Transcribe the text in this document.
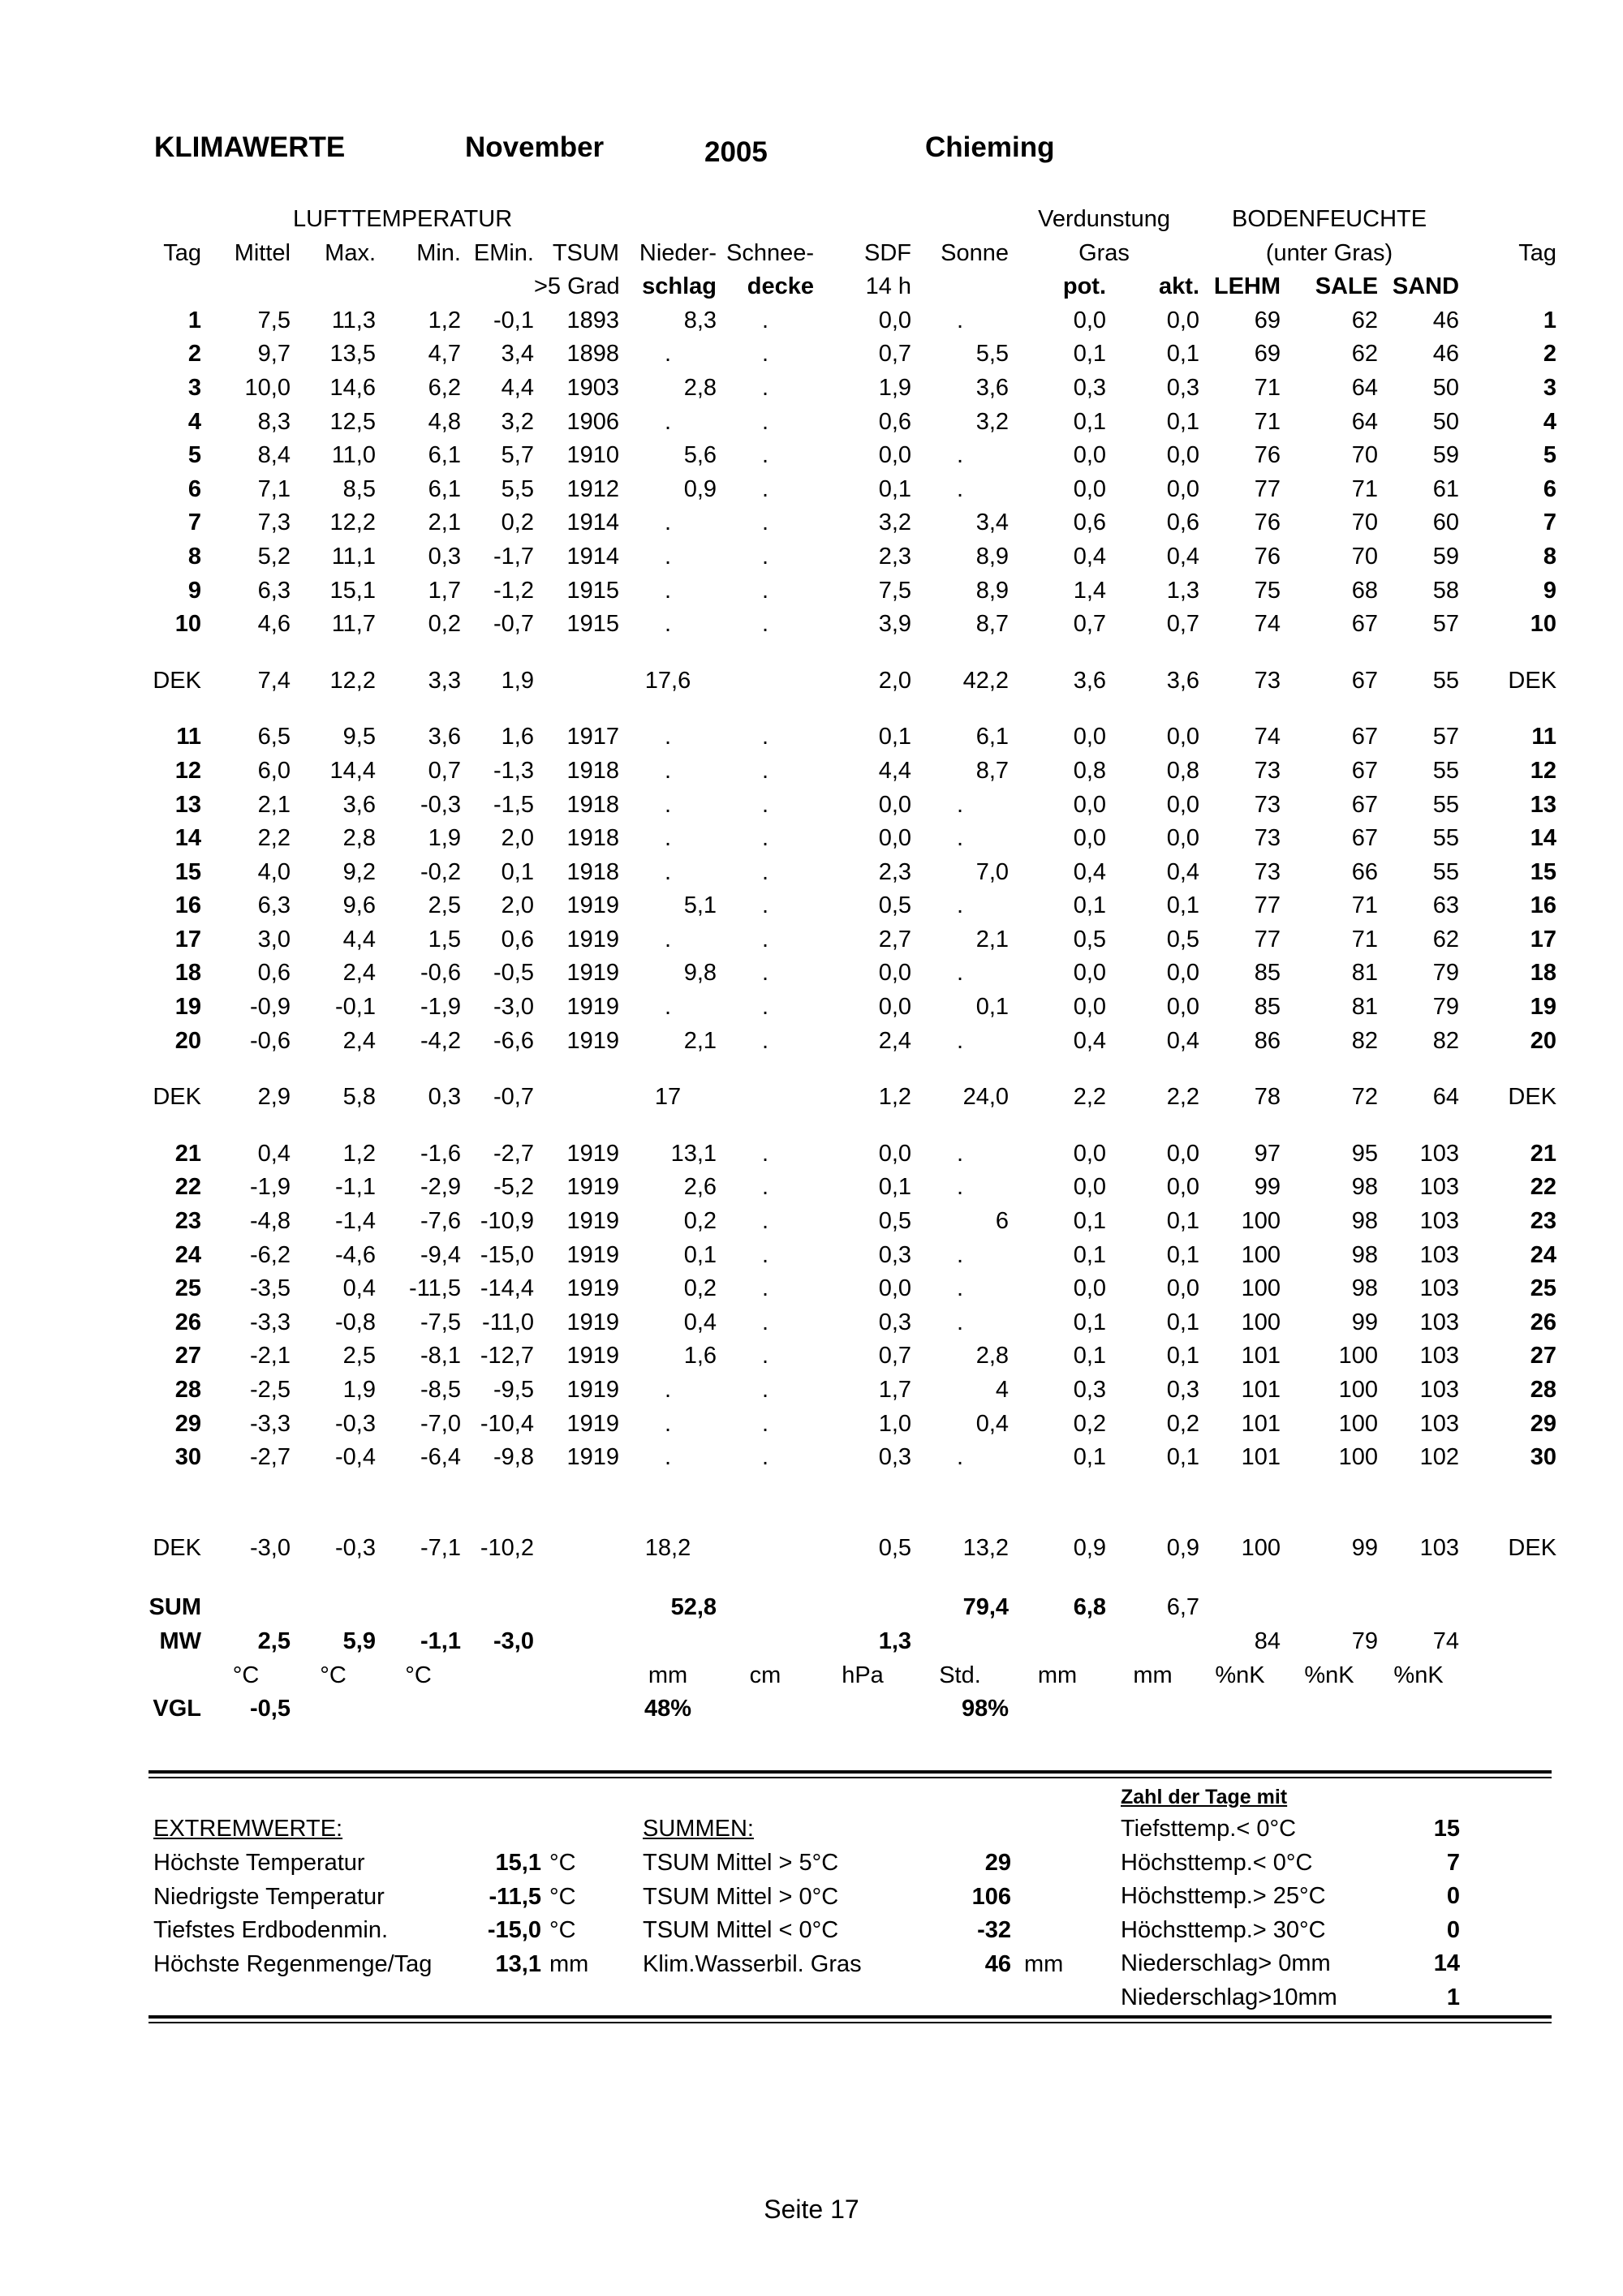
KLIMAWERTE	November	2005	Chieming
		LUFTTEMPERATUR								Verdunstung		BODENFEUCHTE			
Tag	Mittel	Max.	Min.	EMin.	TSUM	Nieder-	Schnee-	SDF	Sonne	Gras		(unter Gras)			Tag
					>5 Grad	schlag	decke	14 h		pot.	akt.	LEHM	SALE	SAND	
1	7,5	11,3	1,2	-0,1	1893	8,3	.	0,0	.	0,0	0,0	69	62	46	1
2	9,7	13,5	4,7	3,4	1898	.	.	0,7	5,5	0,1	0,1	69	62	46	2
3	10,0	14,6	6,2	4,4	1903	2,8	.	1,9	3,6	0,3	0,3	71	64	50	3
4	8,3	12,5	4,8	3,2	1906	.	.	0,6	3,2	0,1	0,1	71	64	50	4
5	8,4	11,0	6,1	5,7	1910	5,6	.	0,0	.	0,0	0,0	76	70	59	5
6	7,1	8,5	6,1	5,5	1912	0,9	.	0,1	.	0,0	0,0	77	71	61	6
7	7,3	12,2	2,1	0,2	1914	.	.	3,2	3,4	0,6	0,6	76	70	60	7
8	5,2	11,1	0,3	-1,7	1914	.	.	2,3	8,9	0,4	0,4	76	70	59	8
9	6,3	15,1	1,7	-1,2	1915	.	.	7,5	8,9	1,4	1,3	75	68	58	9
10	4,6	11,7	0,2	-0,7	1915	.	.	3,9	8,7	0,7	0,7	74	67	57	10

DEK	7,4	12,2	3,3	1,9		17,6		2,0	42,2	3,6	3,6	73	67	55	DEK

11	6,5	9,5	3,6	1,6	1917	.	.	0,1	6,1	0,0	0,0	74	67	57	11
12	6,0	14,4	0,7	-1,3	1918	.	.	4,4	8,7	0,8	0,8	73	67	55	12
13	2,1	3,6	-0,3	-1,5	1918	.	.	0,0	.	0,0	0,0	73	67	55	13
14	2,2	2,8	1,9	2,0	1918	.	.	0,0	.	0,0	0,0	73	67	55	14
15	4,0	9,2	-0,2	0,1	1918	.	.	2,3	7,0	0,4	0,4	73	66	55	15
16	6,3	9,6	2,5	2,0	1919	5,1	.	0,5	.	0,1	0,1	77	71	63	16
17	3,0	4,4	1,5	0,6	1919	.	.	2,7	2,1	0,5	0,5	77	71	62	17
18	0,6	2,4	-0,6	-0,5	1919	9,8	.	0,0	.	0,0	0,0	85	81	79	18
19	-0,9	-0,1	-1,9	-3,0	1919	.	.	0,0	0,1	0,0	0,0	85	81	79	19
20	-0,6	2,4	-4,2	-6,6	1919	2,1	.	2,4	.	0,4	0,4	86	82	82	20

DEK	2,9	5,8	0,3	-0,7		17		1,2	24,0	2,2	2,2	78	72	64	DEK

21	0,4	1,2	-1,6	-2,7	1919	13,1	.	0,0	.	0,0	0,0	97	95	103	21
22	-1,9	-1,1	-2,9	-5,2	1919	2,6	.	0,1	.	0,0	0,0	99	98	103	22
23	-4,8	-1,4	-7,6	-10,9	1919	0,2	.	0,5	6	0,1	0,1	100	98	103	23
24	-6,2	-4,6	-9,4	-15,0	1919	0,1	.	0,3	.	0,1	0,1	100	98	103	24
25	-3,5	0,4	-11,5	-14,4	1919	0,2	.	0,0	.	0,0	0,0	100	98	103	25
26	-3,3	-0,8	-7,5	-11,0	1919	0,4	.	0,3	.	0,1	0,1	100	99	103	26
27	-2,1	2,5	-8,1	-12,7	1919	1,6	.	0,7	2,8	0,1	0,1	101	100	103	27
28	-2,5	1,9	-8,5	-9,5	1919	.	.	1,7	4	0,3	0,3	101	100	103	28
29	-3,3	-0,3	-7,0	-10,4	1919	.	.	1,0	0,4	0,2	0,2	101	100	103	29
30	-2,7	-0,4	-6,4	-9,8	1919	.	.	0,3	.	0,1	0,1	101	100	102	30

DEK	-3,0	-0,3	-7,1	-10,2		18,2		0,5	13,2	0,9	0,9	100	99	103	DEK

SUM						52,8			79,4	6,8	6,7				
MW	2,5	5,9	-1,1	-3,0				1,3				84	79	74	
	°C	°C	°C			mm	cm	hPa	Std.	mm	mm	%nK	%nK	%nK	
VGL	-0,5					48%			98%						
EXTREMWERTE:
Höchste Temperatur	15,1 °C
Niedrigste Temperatur	-11,5 °C
Tiefstes Erdbodenmin.	-15,0 °C
Höchste Regenmenge/Tag	13,1 mm
SUMMEN:
TSUM Mittel > 5°C	29
TSUM Mittel > 0°C	106
TSUM Mittel < 0°C	-32
Klim.Wasserbil. Gras	46 mm
Zahl der Tage mit
Tiefsttemp.< 0°C	15
Höchsttemp.< 0°C	7
Höchsttemp.> 25°C	0
Höchsttemp.> 30°C	0
Niederschlag> 0mm	14
Niederschlag>10mm	1
Seite 17
